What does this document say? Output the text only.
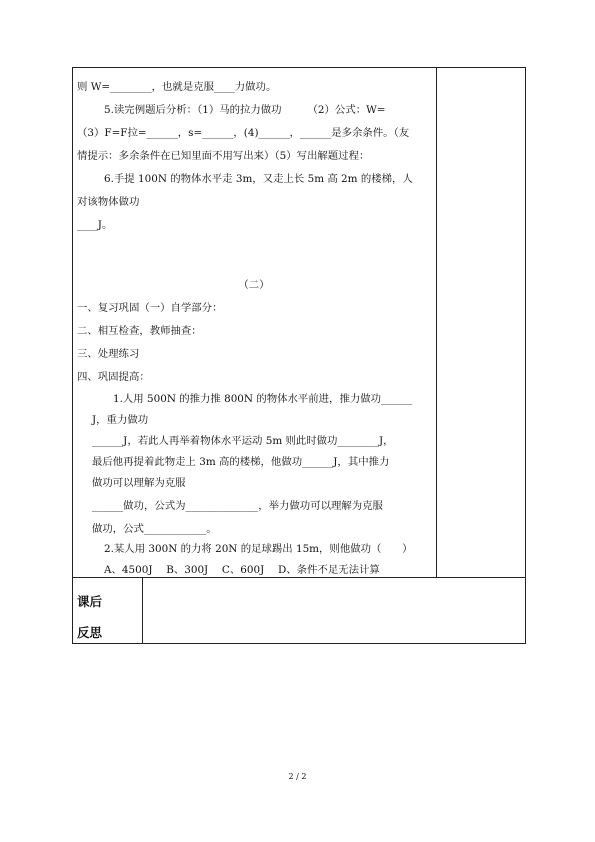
则 W=________，也就是克服____力做功。
5.读完例题后分析：（1）马的拉力做功　　　（2）公式：W=
（3）F=F拉=______，s=______，(4)______，______是多余条件。（友
情提示：多余条件在已知里面不用写出来）（5）写出解题过程：
6.手提 100N 的物体水平走 3m，又走上长 5m 高 2m 的楼梯，人
对该物体做功
____J。
（二）
一、复习巩固（一）自学部分：
二、相互检查，教师抽查：
三、处理练习
四、巩固提高：
1.人用 500N 的推力推 800N 的物体水平前进，推力做功______
J，重力做功
______J，若此人再举着物体水平运动 5m 则此时做功________J，
最后他再提着此物走上 3m 高的楼梯，他做功______J，其中推力
做功可以理解为克服
______做功，公式为______________，举力做功可以理解为克服
做功，公式____________。
2.某人用 300N 的力将 20N 的足球踢出 15m，则他做功（　　）
A、4500J　 B、300J　 C、600J　 D、条件不足无法计算
课后
反思
2 / 2
